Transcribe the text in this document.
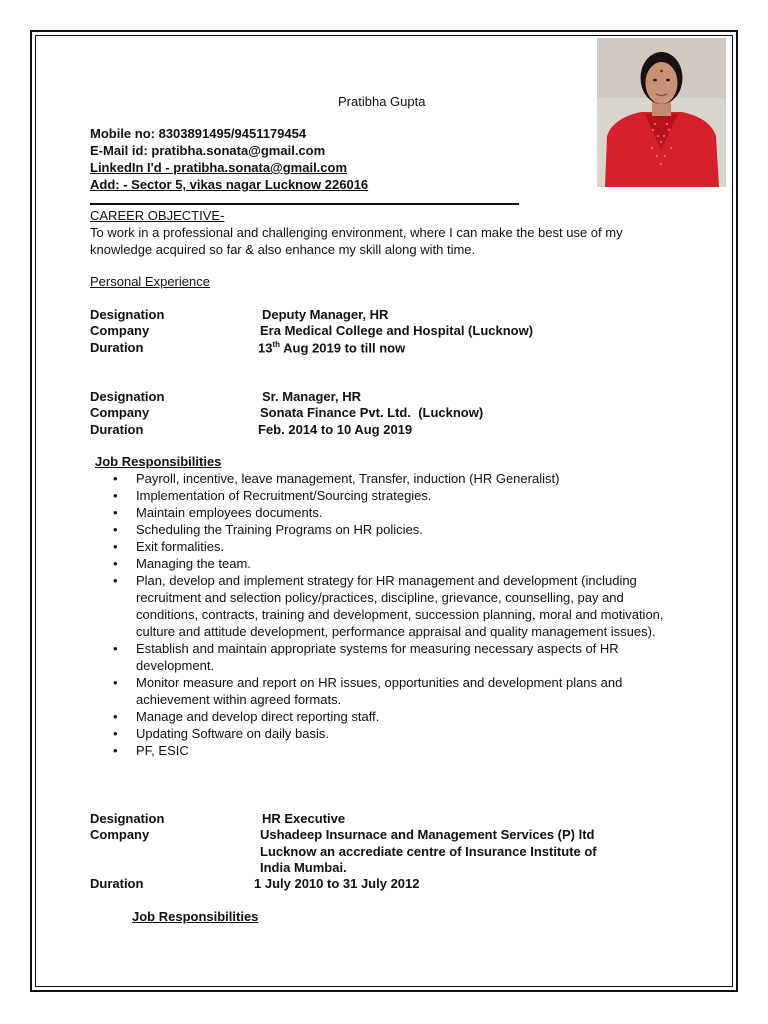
Pratibha Gupta
Mobile no: 8303891495/9451179454
E-Mail id: pratibha.sonata@gmail.com
LinkedIn I'd - pratibha.sonata@gmail.com
Add: - Sector 5, vikas nagar Lucknow 226016
CAREER OBJECTIVE-
To work in a professional and challenging environment, where I can make the best use of my knowledge acquired so far & also enhance my skill along with time.
Personal Experience
Designation	Deputy Manager, HR
Company	Era Medical College and Hospital (Lucknow)
Duration	13th Aug 2019 to till now
Designation	Sr. Manager, HR
Company	Sonata Finance Pvt. Ltd.  (Lucknow)
Duration	Feb. 2014 to 10 Aug 2019
Job Responsibilities
• Payroll, incentive, leave management, Transfer, induction (HR Generalist)
• Implementation of Recruitment/Sourcing strategies.
• Maintain employees documents.
• Scheduling the Training Programs on HR policies.
• Exit formalities.
• Managing the team.
• Plan, develop and implement strategy for HR management and development (including recruitment and selection policy/practices, discipline, grievance, counselling, pay and conditions, contracts, training and development, succession planning, moral and motivation, culture and attitude development, performance appraisal and quality management issues).
• Establish and maintain appropriate systems for measuring necessary aspects of HR development.
• Monitor measure and report on HR issues, opportunities and development plans and achievement within agreed formats.
• Manage and develop direct reporting staff.
• Updating Software on daily basis.
• PF, ESIC
Designation	HR Executive
Company	Ushadeep Insurnace and Management Services (P) ltd
Lucknow an accrediate centre of Insurance Institute of
India Mumbai.
Duration	1 July 2010 to 31 July 2012
Job Responsibilities
